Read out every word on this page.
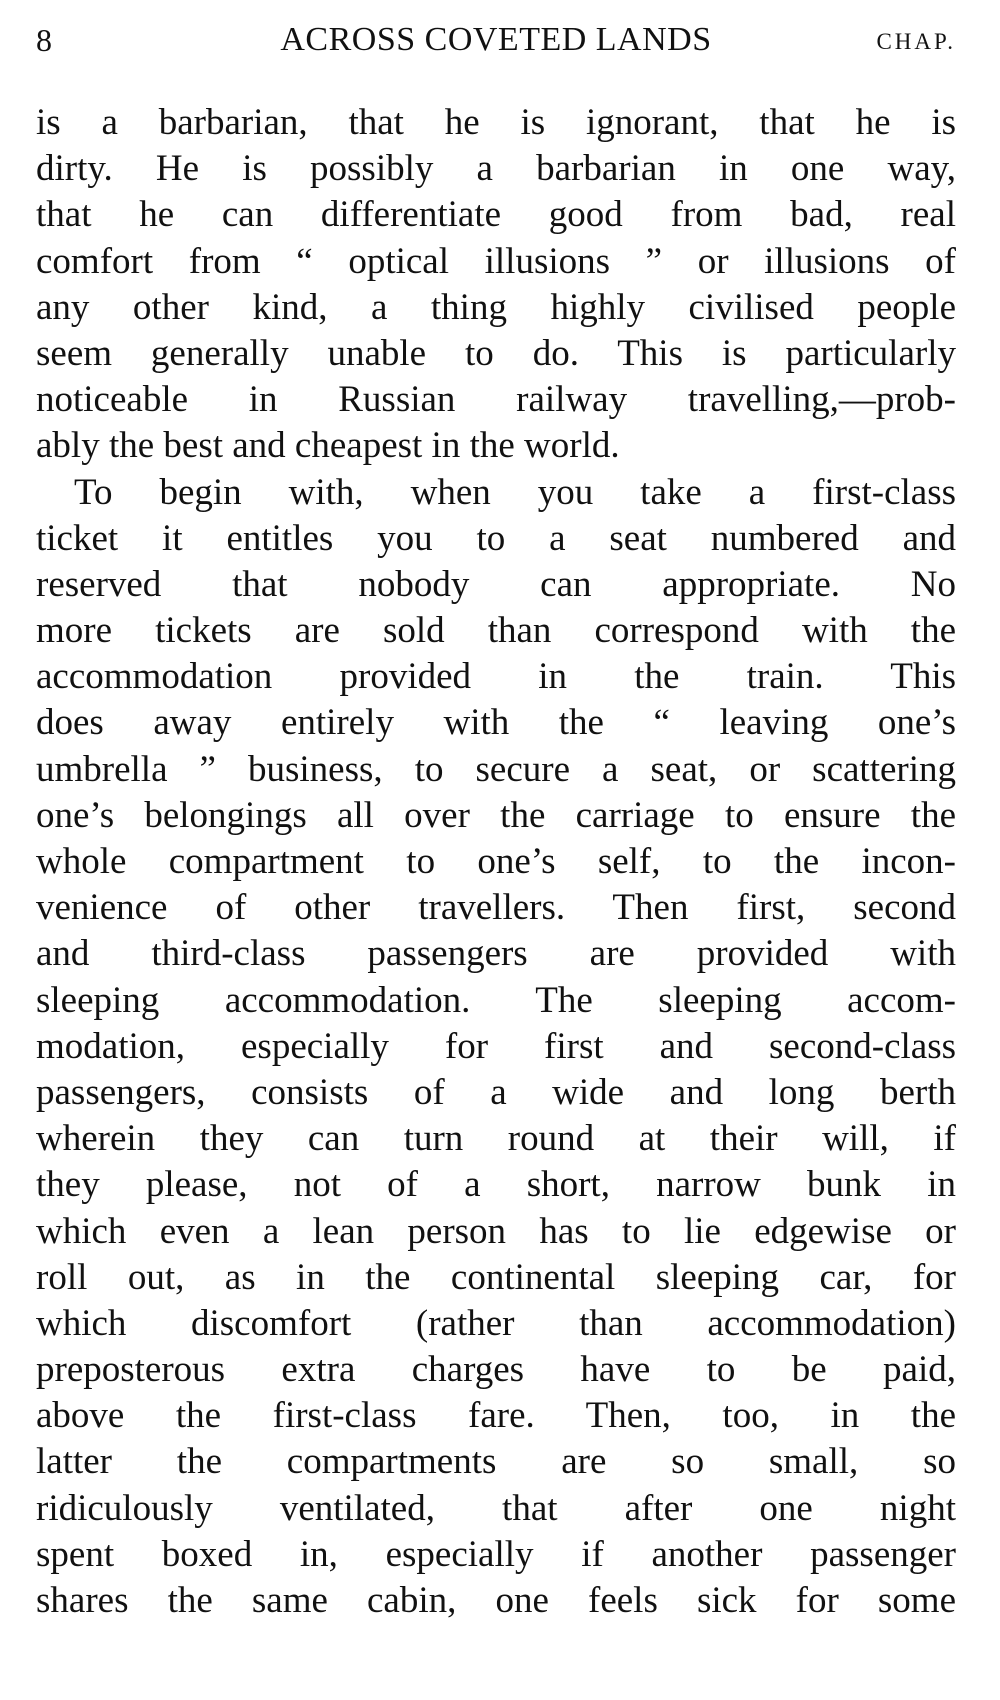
8	ACROSS COVETED LANDS	CHAP.
is a barbarian, that he is ignorant, that he is
dirty. He is possibly a barbarian in one way,
that he can differentiate good from bad, real
comfort from “ optical illusions ” or illusions of
any other kind, a thing highly civilised people
seem generally unable to do. This is particularly
noticeable in Russian railway travelling,—prob-
ably the best and cheapest in the world.
To begin with, when you take a first-class
ticket it entitles you to a seat numbered and
reserved that nobody can appropriate. No
more tickets are sold than correspond with the
accommodation provided in the train. This
does away entirely with the “ leaving one’s
umbrella ” business, to secure a seat, or scattering
one’s belongings all over the carriage to ensure the
whole compartment to one’s self, to the incon-
venience of other travellers. Then first, second
and third-class passengers are provided with
sleeping accommodation. The sleeping accom-
modation, especially for first and second-class
passengers, consists of a wide and long berth
wherein they can turn round at their will, if
they please, not of a short, narrow bunk in
which even a lean person has to lie edgewise or
roll out, as in the continental sleeping car, for
which discomfort (rather than accommodation)
preposterous extra charges have to be paid,
above the first-class fare. Then, too, in the
latter the compartments are so small, so
ridiculously ventilated, that after one night
spent boxed in, especially if another passenger
shares the same cabin, one feels sick for some
